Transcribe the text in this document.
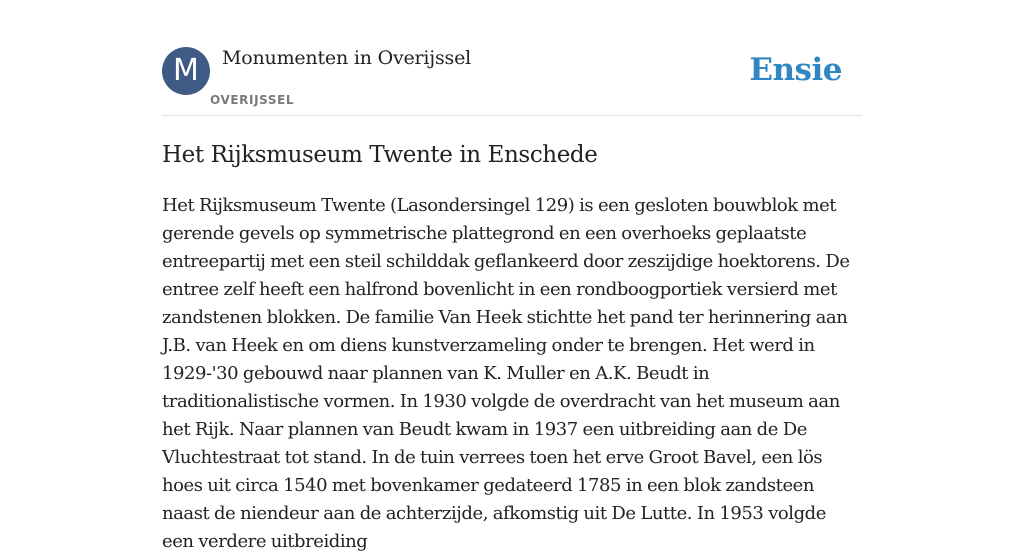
M	Monumenten in Overijssel
OVERIJSSEL
Ensie
Het Rijksmuseum Twente in Enschede

Het Rijksmuseum Twente (Lasondersingel 129) is een gesloten bouwblok met gerende gevels op symmetrische plattegrond en een overhoeks geplaatste entreepartij met een steil schilddak geflankeerd door zeszijdige hoektorens. De entree zelf heeft een halfrond bovenlicht in een rondboogportiek versierd met zandstenen blokken. De familie Van Heek stichtte het pand ter herinnering aan J.B. van Heek en om diens kunstverzameling onder te brengen. Het werd in 1929-'30 gebouwd naar plannen van K. Muller en A.K. Beudt in traditionalistische vormen. In 1930 volgde de overdracht van het museum aan het Rijk. Naar plannen van Beudt kwam in 1937 een uitbreiding aan de De Vluchtestraat tot stand. In de tuin verrees toen het erve Groot Bavel, een lös hoes uit circa 1540 met bovenkamer gedateerd 1785 in een blok zandsteen naast de niendeur aan de achterzijde, afkomstig uit De Lutte. In 1953 volgde een verdere uitbreiding
